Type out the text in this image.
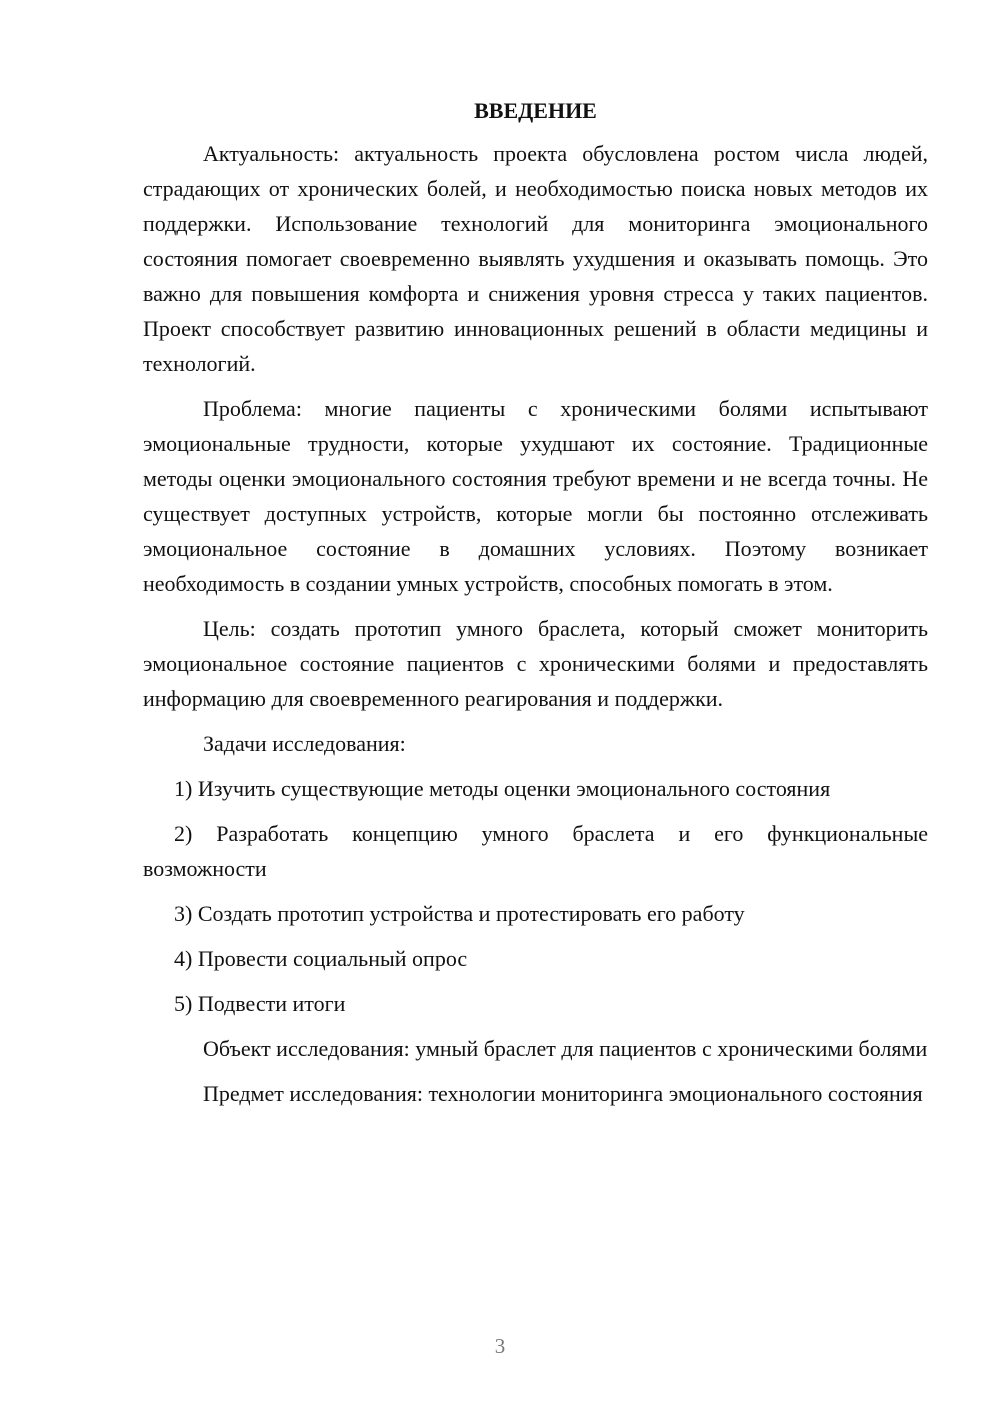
ВВЕДЕНИЕ

Актуальность: актуальность проекта обусловлена ростом числа людей, страдающих от хронических болей, и необходимостью поиска новых методов их поддержки. Использование технологий для мониторинга эмоционального состояния помогает своевременно выявлять ухудшения и оказывать помощь. Это важно для повышения комфорта и снижения уровня стресса у таких пациентов. Проект способствует развитию инновационных решений в области медицины и технологий.

Проблема: многие пациенты с хроническими болями испытывают эмоциональные трудности, которые ухудшают их состояние. Традиционные методы оценки эмоционального состояния требуют времени и не всегда точны. Не существует доступных устройств, которые могли бы постоянно отслеживать эмоциональное состояние в домашних условиях. Поэтому возникает необходимость в создании умных устройств, способных помогать в этом.

Цель: создать прототип умного браслета, который сможет мониторить эмоциональное состояние пациентов с хроническими болями и предоставлять информацию для своевременного реагирования и поддержки.

Задачи исследования:

1) Изучить существующие методы оценки эмоционального состояния

2) Разработать концепцию умного браслета и его функциональные возможности

3) Создать прототип устройства и протестировать его работу

4) Провести социальный опрос

5) Подвести итоги

Объект исследования: умный браслет для пациентов с хроническими болями

Предмет исследования: технологии мониторинга эмоционального состояния

3
